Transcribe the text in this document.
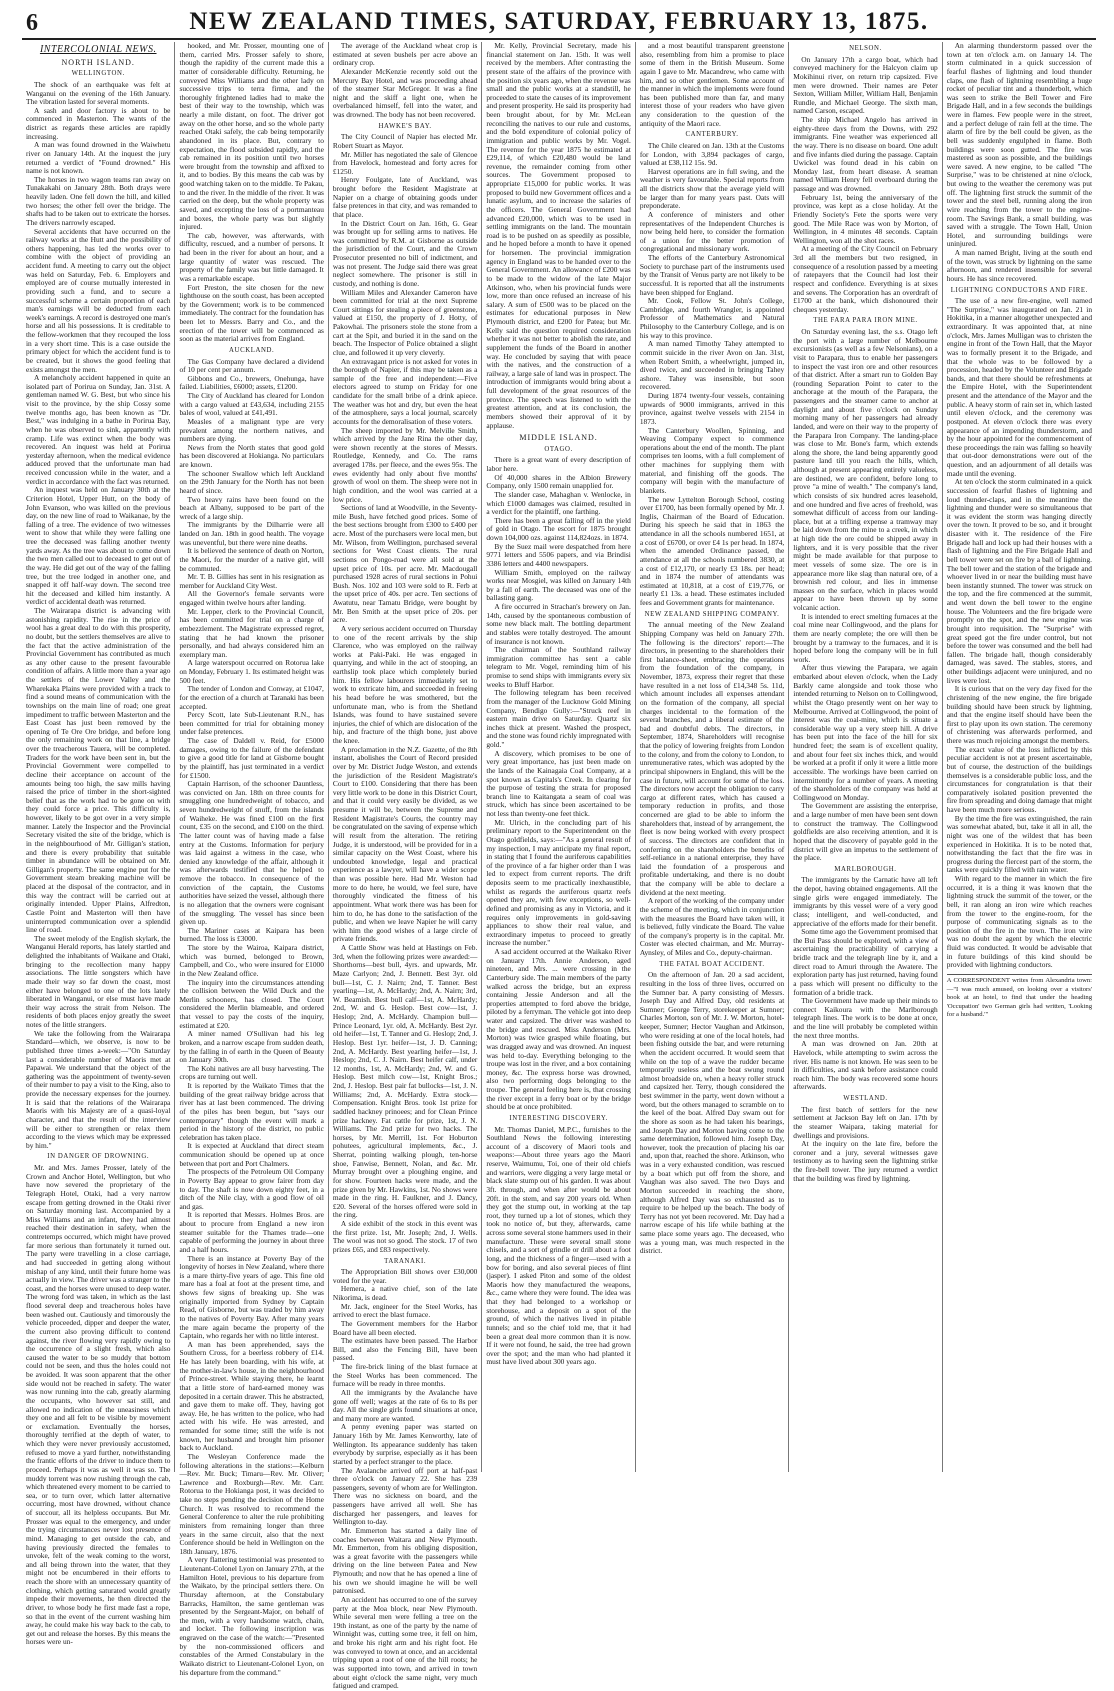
6	NEW ZEALAND TIMES, SATURDAY, FEBRUARY 13, 1875.
INTERCOLONIAL NEWS.
NORTH ISLAND.
WELLINGTON.

The shock of an earthquake was felt at Wanganui on the evening of the 16th January. The vibration lasted for several moments.

A sash and door factory is about to be commenced in Masterton. The wants of the district as regards these articles are rapidly increasing.

A man was found drowned in the Waiwhetu river on January 14th. At the inquest the jury returned a verdict of "Found drowned." His name is not known.

The horses in two wagon teams ran away on Tunakakahi on January 28th. Both drays were heavily laden. One fell down the hill, and killed two horses; the other fell over the bridge. The shafts had to be taken out to extricate the horses. The drivers narrowly escaped.

Several accidents that have occurred on the railway works at the Hutt and the possibility of others happening, has led the works over to combine with the object of providing an accident fund. A meeting to carry out the object was held on Saturday, Feb. 6. Employers and employed are of course mutually interested in providing such a fund, and to secure a successful scheme a certain proportion of each man's earnings will be deducted from each week's earnings. A record is destroyed one man's horse and all his possessions. It is creditable to the fellow-workmen that they recouped the loss in a very short time. This is a case outside the primary object for which the accident fund is to be created, but it shows the good feeling that exists amongst the men.

A melancholy accident happened in quite an isolated part of Porirua on Sunday, Jan. 31st. A gentleman named W. G. Best, but who since his visit to the province, by the ship Cossy some twelve months ago, has been known as "Dr. Best," was indulging in a bathe in Porirua Bay, when he was observed to sink, apparently with cramp. Life was extinct when the body was recovered. An inquest was held at Porirua yesterday afternoon, when the medical evidence adduced proved that the unfortunate man had received concussion while in the water, and a verdict in accordance with the fact was returned.

An inquest was held on January 30th at the Criterion Hotel, Upper Hutt, on the body of John Evanson, who was killed on the previous day, on the new line of road to Waikanae, by the falling of a tree. The evidence of two witnesses went to show that while they were falling one tree the deceased was falling another twenty yards away. As the tree was about to come down the two men called out to deceased to get out of the way. He did get out of the way of the falling tree, but the tree lodged in another one, and snapped it off half-way down. The second tree hit the deceased and killed him instantly. A verdict of accidental death was returned.

The Wairarapa district is advancing with astonishing rapidity. The rise in the price of wool has a great deal to do with this prosperity, no doubt, but the settlers themselves are alive to the fact that the active administration of the Provincial Government has contributed as much as any other cause to the present favourable condition of affairs. A little more than a year ago the settlers of the Lower Valley and the Wharekaka Plains were provided with a track to find a sound means of communication with the townships on the main line of road; one great impediment to traffic between Masterton and the East Coast has just been removed by the opening of Te Ore Ore bridge, and before long the only remaining work on that line, a bridge over the treacherous Tauera, will be completed. Traders for the work have been sent in, but the Provincial Government were compelled to decline their acceptance on account of the amounts being too high, the saw mills having raised the price of timber in the short-sighted belief that as the work had to be gone on with they could force a price. This difficulty is, however, likely to be got over in a very simple manner. Lately the Inspector and the Provincial Secretary visited the site of the bridge, which is in the neighbourhood of Mr. Gilligan's station, and there is every probability that suitable timber in abundance will be obtained on Mr. Gilligan's property. The same engine put for the Government steam breaking machine will be placed at the disposal of the contractor, and in this way the contract will be carried out at originally intended. Upper Plains, Alfredton, Castle Point and Masterton will then have uninterrupted communication over a splendid line of road.

The sweet melody of the English skylark, the Wanganui Herald reports, has lately startled and delighted the inhabitants of Waikane and Otaki, bringing to the recollection many happy associations. The little songsters which have made their way so far down the coast, most either have belonged to one of the lots lately liberated in Wanganui, or else must have made their way across the strait from Nelson. The residents of both places enjoy greatly the sweet notes of the little strangers.

We take the following from the Wairarapa Standard—which, we observe, is now to be published three times a-week:—"On Saturday last a considerable number of Maoris met at Papawai. We understand that the object of the gathering was the appointment of twenty-seven of their number to pay a visit to the King, also to provide the necessary expenses for the journey. It is said that the relations of the Wairarapa Maoris with his Majesty are of a quasi-loyal character, and that the result of the interview will be either to strengthen or relax them according to the views which may be expressed by him."

IN DANGER OF DROWNING.

Mr. and Mrs. James Prosser, lately of the Crown and Anchor Hotel, Wellington, but who have now severed the proprietary of the Telegraph Hotel, Otaki, had a very narrow escape from getting drowned in the Otaki river on Saturday morning last. Accompanied by a Miss Williams and an infant, they had almost reached their destination in safety, when the contretemps occurred, which might have proved far more serious than fortunately it turned out. The party were travelling in a close carriage, and had succeeded in getting along without mishap of any kind, until their future home was actually in view. The driver was a stranger to the coast, and the horses were unused to deep water. The wrong ford was taken, in which as the last flood several deep and treacherous holes have been washed out. Cautiously and timorously the vehicle proceeded, dipper and deeper the water, the current also proving difficult to contend against, the river flowing very rapidly owing to the occurrence of a slight fresh, which also caused the water to be so muddy that bottom could not be seen, and thus the holes could not be avoided. It was soon apparent that the other side would not be reached in safety. The water was now running into the cab, greatly alarming the occupants, who however sat still, and allowed no indication of the uneasiness which they one and all felt to be visible by movement or exclamation. Eventually the horses, thoroughly terrified at the depth of water, to which they were never previously accustomed, refused to move a yard further, notwithstanding the frantic efforts of the driver to induce them to proceed. Perhaps it was as well it was so. The muddy torrent was now rushing through the cab, which threatened every moment to be carried to sea, or to turn over, which latter alternative occurring, most have drowned, without chance of succour, all its helpless occupants. But Mr. Prosser was equal to the emergency, and under the trying circumstances never lost presence of mind. Managing to get outside the cab, and having previously directed the females to unvoke, felt of the weak coming to the worst, and all being thrown into the water, that they might not be encumbered in their efforts to reach the shore with an unnecessary quantity of clothing, which getting saturated would greatly impede their movements, he then directed the driver, to whose body he first made fast a rope, so that in the event of the current washing him away, he could make his way back to the cab, to get out and release the horses. By this means the horses were un-

hooked, and Mr. Prosser, mounting one of them, carried Mrs. Prosser safely to shore, though the rapidity of the current made this a matter of considerable difficulty. Returning, he conveyed Miss Williams and the other lady on successive trips to terra firma, and the thoroughly frightened ladies had to make the best of their way to the township, which was nearly a mile distant, on foot. The driver got away on the other horse, and so the whole party reached Otaki safely, the cab being temporarily abandoned in its place. But, contrary to expectation, the flood subsided rapidly, and the cab remained in its position until two horses were brought from the township and affixed to it, and to bodies. By this means the cab was by good watching taken on to the middle. Te Pakau, to and the river. In the middle of the river. It was carried on the deep, but the whole property was saved, and excepting the loss of a portmanteau and boxes, the whole party was but slightly injured.

The cab, however, was afterwards, with difficulty, rescued, and a number of persons. It had been in the river for about an hour, and a large quantity of water was rescued. The property of the family was but little damaged. It was a remarkable escape.

Fort Preston, the site chosen for the new lighthouse on the south coast, has been accepted by the Government; work is to be commenced immediately. The contract for the foundation has been let to Messrs. Barry and Co., and the erection of the tower will be commenced as soon as the material arrives from England.

AUCKLAND.

The Gas Company have declared a dividend of 10 per cent per annum.

Gibbons and Co., brewers, Onehunga, have failed. Liabilities, £6000; assets, £1200.

The City of Auckland has cleared for London with a cargo valued at £43,634, including 2155 bales of wool, valued at £41,491.

Measles of a malignant type are very prevalent among the northern natives, and numbers are dying.

News from the North states that good gold has been discovered at Hokianga. No particulars are known.

The schooner Swallow which left Auckland on the 29th January for the North has not been heard of since.

Two heavy rains have been found on the beach at Albany, supposed to be part of the wreck of a large ship.

The immigrants by the Dilharrie were all landed on Jan. 18th in good health. The voyage was uneventful, but there were nine deaths.

It is believed the sentence of death on Norton, the Maori, for the murder of a native girl, will be commuted.

Mr. T. B. Gillies has sent in his resignation as member for Auckland City West.

All the Governor's female servants were engaged within twelve hours after landing.

Mr. Lepper, clerk to the Provincial Council, has been committed for trial on a charge of embezzlement. The Magistrate expressed regret, stating that he had known the prisoner personally, and had always considered him an exemplary man.

A large waterspout occurred on Rotorua lake on Monday, February 1. Its estimated height was 500 feet.

The tender of London and Conway, at £1047, for the erection of a church at Taranaki has been accepted.

Percy Scott, late Sub-Lieutenant R.N., has been committed for trial for obtaining money under false pretences.

The case of Daldell v. Reid, for £5000 damages, owing to the failure of the defendant to give a good title for land at Gisborne bought by the plaintiff, has just terminated in a verdict for £1500.

Captain Harrison, of the schooner Dauntless, was convicted on Jan. 18th on three counts for smuggling one hundredweight of tobacco, and seven hundredweight of snuff, from the islands of Waiheke. He was fined £100 on the first count, £35 on the second, and £100 on the third. The latter count was of having made a false entry at the Customs. Information for perjury was laid against a witness in the case, who denied any knowledge of the affair, although it was afterwards testified that he helped to remove the tobacco. In consequence of the conviction of the captain, the Customs authorities have seized the vessel, although there is no allegation that the owners were cognisant of the smuggling. The vessel has since been given up.

The Mariner cases at Kaipara has been burned. The loss is £3000.

The store by the Wairoa, Kaipara district, which was burned, belonged to Brown, Campbell, and Co., who were insured for £1000 in the New Zealand office.

The inquiry into the circumstances attending the collision between the Wild Duck and the Merlin schooners, has closed. The Court considered the Merlin blameable, and ordered that vessel to pay the costs of the inquiry, estimated at £20.

A miner named O'Sullivan had his leg broken, and a narrow escape from sudden death, by the falling in of earth in the Queen of Beauty on January 30th.

The Kohi natives are all busy harvesting. The crops are turning out well.

It is reported by the Waikato Times that the building of the great railway bridge across that river has at last been commenced. The driving of the piles has been begun, but "says our contemporary" though the event will mark a period in the history of the district, no public celebration has taken place.

It is expected at Auckland that direct steam communication should be opened up at once between that port and Port Chalmers.

The prospects of the Petroleum Oil Company in Poverty Bay appear to grow fairer from day to day. The shaft is now down eighty feet, in a ditch of the Nile clay, with a good flow of oil and gas.

It is reported that Messrs. Holmes Bros. are about to procure from England a new iron steamer suitable for the Thames trade—one capable of performing the journey in about three and a half hours.

There is an instance at Poverty Bay of the longevity of horses in New Zealand, where there is a mare thirty-five years of age. This fine old mare has a foal at foot at the present time, and shows few signs of breaking up. She was originally imported from Sydney by Captain Read, of Gisborne, but was traded by him away to the natives of Poverty Bay. After many years the mare again became the property of the Captain, who regards her with no little interest.

A man has been apprehended, says the Southern Cross, for a beerless robbery of £14. He has lately been boarding, with his wife, at the mother-in-law's house, in the neighbourhood of Prince-street. While staying there, he learnt that a little store of hard-earned money was deposited in a certain drawer. This he abstracted, and gave them to make off. They, having got away. He, he has written to the police, who had acted with his wife. He was arrested, and remanded for some time; still the wife is not known, her husband and brought him prisoner back to Auckland.

The Wesleyan Conference made the following alterations in the stations:—Kelburn—Rev. Mr. Buck; Timaru—Rev. Mr. Oliver; Lawrence and Roxburgh—Rev. Mr. Carr. Rotorua to the Hokianga post, it was decided to take no steps pending the decision of the Home Church. It was resolved to recommend the General Conference to alter the rule prohibiting ministers from remaining longer than three years in the same circuit, also that the next Conference should be held in Wellington on the 18th January, 1876.

A very flattering testimonial was presented to Lieutenant-Colonel Lyon on January 27th, at the Hamilton Hotel, previous to his departure from the Waikato, by the principal settlers there. On Thursday afternoon, at the Constabulary Barracks, Hamilton, the same gentleman was presented by the Sergeant-Major, on behalf of the men, with a very handsome watch, chain, and locket. The following inscription was engraved on the case of the watch:—"Presented by the non-commissioned officers and constables of the Armed Constabulary in the Waikato district to Lieutenant-Colonel Lyon, on his departure from the command."

The average of the Auckland wheat crop is estimated at seven bushels per acre above an ordinary crop.

Alexander McKenzie recently sold out the Mercury Bay Hotel, and was proceeding ahead of the steamer Star McGregor. It was a fine night and the skiff a light one, when he overbalanced himself, fell into the water, and was drowned. The body has not been recovered.

HAWKE'S BAY.

The City Council of Napier has elected Mr. Robert Stuart as Mayor.

Mr. Miller has negotiated the sale of Glencoe from Havelock, homestead and forty acres for £1250.

Henry Foulgate, late of Auckland, was brought before the Resident Magistrate at Napier on a charge of obtaining goods under false pretences in that city, and was remanded to that place.

In the District Court on Jan. 16th, G. Gear was brought up for selling arms to natives. He was committed by R.M. at Gisborne as outside the jurisdiction of the Court, and the Crown Prosecutor presented no bill of indictment, and was not present. The Judge said there was great neglect somewhere. The prisoner is still in custody, and nothing is done.

William Miles and Alexander Cameron have been committed for trial at the next Supreme Court sittings for stealing a piece of greenstone, valued at £150, the property of J. Hotty, of Pakowhai. The prisoners stole the stone from a cart at the Spit, and buried it in the sand on the beach. The Inspector of Police obtained a slight clue, and followed it up very cleverly.

An extravagant price is not asked for votes in the borough of Napier, if this may be taken as a sample of the free and independent:—Five electors agreed to stump on Friday for one candidate for the small bribe of a drink apiece. The weather was hot and dry, but even the heat of the atmosphere, says a local journal, scarcely accounts for the demoralisation of these voters.

The sheep imported by Mr. Melville Smith, which arrived by the Jane Rina the other day, were shown recently at the stores of Messrs. Routledge, Kennedy, and Co. The rams averaged 178s. per fleece, and the ewes 95s. The ewes evidently had only about five months' growth of wool on them. The sheep were not in high condition, and the wool was carried at a low price.

Sections of land at Woodville, in the Seventy-mile Bush, have fetched good prices. Some of the best sections brought from £300 to £400 per acre. Most of the purchasers were local men, but Mr. Wilson, from Wellington, purchased several sections for West Coast clients. The rural sections on Pongo-road were all sold at the upset price of 10s. per acre. Mr. Macdougall purchased 1928 acres of rural sections in Pohui Bush. Nos. 102 and 103 were sold to R. Ferb at the upset price of 40s. per acre. Ten sections of Awatutu, near Tamatu Bridge, were bought by Mr. Ben Smith at the upset price of 20s. per acre.

A very serious accident occurred on Thursday to one of the recent arrivals by the ship Clarence, who was employed on the railway works at Paki-Paki. He was engaged in quarrying, and while in the act of stooping, an earthslip took place which completely buried him. His fellow labourers immediately set to work to extricate him, and succeeded in freeing his head before he was smothered, but the unfortunate man, who is from the Shetland Islands, was found to have sustained severe injuries, the chief of which are dislocation of the hip, and fracture of the thigh bone, just above the knee.

A proclamation in the N.Z. Gazette, of the 8th instant, abolishes the Court of Record presided over by Mr. District Judge Weston, and extends the jurisdiction of the Resident Magistrate's Court to £100. Considering that there has been very little work to be done in this District Court, and that it could very easily be divided, as we presume it will be, between the Supreme and Resident Magistrate's Courts, the country may be congratulated on the saving of expense which will result from the alteration. The retiring Judge, it is understood, will be provided for in a similar capacity on the West Coast, where his undoubted knowledge, legal and practical experience as a lawyer, will have a wider scope than was possible here. Had Mr. Weston had more to do here, he would, we feel sure, have thoroughly vindicated the fitness of his appointment. What work there was has been for him to do, he has done to the satisfaction of the public, and when we leave Napier he will carry with him the good wishes of a large circle of private friends.

A Cattle Show was held at Hastings on Feb. 3rd, when the following prizes were awarded:—Shorthorns—best bull, 4yrs. and upwards, Mr. Maze Carlyon; 2nd, J. Bennett. Best 3yr. old bull—1st, C. J. Nairn; 2nd, T. Tanner. Best yearling—1st, A. McHardy; 2nd, A. Nairn; 3rd, W. Beamish. Best bull calf—1st, A. McHardy; 2nd, W. and G. Heslop. Best cow—1st, J. Heslop; 2nd, A. McHardy. Champion bull—Prince Leonard, 1yr. old, A. McHardy. Best 2yr. old heifer—1st, T. Tanner and G. Heslop; 2nd, J. Heslop. Best 1yr. heifer—1st, J. D. Canning; 2nd, A. McHardy. Best yearling heifer—1st, J. Heslop; 2nd, C. J. Nairn. Best heifer calf, under 12 months, 1st, A. McHardy; 2nd, W. and G. Heslop. Best milch cow—1st, Knight Bros.; 2nd, J. Heslop. Best pair fat bullocks—1st, J. N. Williams; 2nd, A. McHardy. Extra stock—Compensation. Knight Bros. took 1st prize for saddled hackney prinoees; and for Clean Prince prize hackney. Fat cattle for prize, 1st, J. N. Williams. The 2nd prize for two hacks. The horses, by Mr. Merrill, 1st. For Hoburton pohutees, agricultural implements, &c., J. Sherrat, pointing walking plough, ten-horse shoe, Fanwise, Bennett, Nolan, and &c. Mr. Murray brought over a ploughing engine, and for show. Fourteen hacks were made, and the prize given by Mr. Hawkins, 1st. No shows were made in the ring. H. Faulkner, and J. Dancy, £20. Several of the horses offered were sold in the ring.

A side exhibit of the stock in this event was the first prize. 1st, Mr. Joseph; 2nd, J. Wells. The wool was not so good. The stock. 17 of two prizes £65, and £83 respectively.

TARANAKI.

The Appropriation Bill shows over £30,000 voted for the year.

Hemera, a native chief, son of the late Nikorima, is dead.

Mr. Jack, engineer for the Steel Works, has arrived to erect the blast furnace.

The Government members for the Harbor Board have all been elected.

The estimates have been passed. The Harbor Bill, and also the Fencing Bill, have been passed.

The fire-brick lining of the blast furnace at the Steel Works has been commenced. The furnace will be ready in three months.

All the immigrants by the Avalanche have gone off well; wages at the rate of 6s to 8s per day. All the single girls found situations at once, and many more are wanted.

A penny evening paper was started on January 16th by Mr. James Kenworthy, late of Wellington. Its appearance suddenly has taken everybody by surprise, especially as it has been started by a perfect stranger to the place.

The Avalanche arrived off port at half-past three o'clock on January 22. She has 239 passengers, seventy of whom are for Wellington. There was no sickness on board, and the passengers have arrived all well. She has discharged her passengers, and leaves for Wellington to-day.

Mr. Emmerton has started a daily line of coaches between Waitara and New Plymouth. Mr. Emmerton, from his obliging disposition, was a great favorite with the passengers while driving on the line between Patea and New Plymouth; and now that he has opened a line of his own we should imagine he will be well patronised.

An accident has occurred to one of the survey party at the Moa block, near New Plymouth. While several men were felling a tree on the 19th instant, as one of the party by the name of Winnight was, cutting some tree, it fell on him, and broke his right arm and his right foot. He was conveyed to town at once, and an accidental tripping upon a root of one of the hill roots; he was supported into town, and arrived in town about eight o'clock the same night, very much fatigued and cramped.

Mr. Kelly, Provincial Secretary, made his financial statement on Jan. 15th. It was well received by the members. After contrasting the present state of the affairs of the province with the position six years ago, when the revenue was small and the public works at a standstill, he proceeded to state the causes of its improvement and present prosperity. He said its prosperity had been brought about, for by Mr. McLean reconciling the natives to our rule and customs, and the bold expenditure of colonial policy of immigration and public works by Mr. Vogel. The revenue for the year 1875 he estimated at £29,114, of which £20,480 would be land revenue, the remainder coming from other sources. The Government proposed to appropriate £15,000 for public works. It was proposed to build new Government offices and a lunatic asylum, and to increase the salaries of the officers. The General Government had advanced £20,000, which was to be used in settling immigrants on the land. The mountain road is to be pushed on as speedily as possible, and he hoped before a month to have it opened for horsemen. The provincial immigration agency in England was to be handed over to the General Government. An allowance of £200 was to be made to the widow of the late Major Atkinson, who, when his provincial funds were low, more than once refused an increase of his salary. A sum of £500 was to be placed on the estimates for educational purposes in New Plymouth district, and £200 for Patea; but Mr. Kelly said the question required consideration whether it was not better to abolish the rate, and supplement the funds of the Board in another way. He concluded by saying that with peace with the natives, and the construction of a railway, a large sale of land was in prospect. The introduction of immigrants would bring about a full development of the great resources of the province. The speech was listened to with the greatest attention, and at its conclusion, the members showed their approval of it by applause.

MIDDLE ISLAND.
OTAGO.

There is a great want of every description of labor here.

Of 40,000 shares in the Albion Brewery Company, only 1500 remain unapplied for.

The slander case, Mahaghan v. Wenlocke, in which £1000 damages was claimed, resulted in a verdict for the plaintiff, one farthing.

There has been a great falling off in the yield of gold in Otago. The escort for 1875 brought down 104,000 ozs. against 114,824ozs. in 1874.

By the Suez mail were despatched from here 9771 letters and 5506 papers, and via Brindisi 3386 letters and 4400 newspapers.

William Smith, employed on the railway works near Mosgiel, was killed on January 14th by a fall of earth. The deceased was one of the ballasting gang.

A fire occurred in Strachan's brewery on Jan. 14th, caused by the spontaneous combustion of some new black malt. The bottling department and stables were totally destroyed. The amount of insurance is not known.

The chairman of the Southland railway immigration committee has sent a cable telegram to Mr. Vogel, reminding him of his promise to send ships with immigrants every six weeks to Bluff Harbor.

The following telegram has been received from the manager of the Lucknow Gold Mining Company, Bendigo Gully:—"Struck reef in eastern main drive on Saturday. Quartz six inches thick at present. Washed the prospect, and the stone was found richly impregnated with gold."

A discovery, which promises to be one of very great importance, has just been made on the lands of the Kainagaia Coal Company, at a spot known as Capitals's Creek. In clearing for the purpose of testing the strata for proposed branch line to Kaitangata a seam of coal was struck, which has since been ascertained to be not less than twenty-one feet thick.

Mr. Ulrich, in the concluding part of his preliminary report to the Superintendent on the Otago goldfields, says:—"As a general result of my inspection, I may anticipate my final report, in stating that I found the auriferous capabilities of the province of a far higher order than I was led to expect from current reports. The drift deposits seem to me practically inexhaustible, whilst as regards the auriferous quartz reefs opened they are, with few exceptions, so well-defined and promising as any in Victoria, and it requires only improvements in gold-saving appliances to show their real value, and extraordinary impetus to proceed to greatly increase the number."

A sad accident occurred at the Waikako River on January 17th. Annie Anderson, aged nineteen, and Mrs. ... were crossing in the Canterbury side. The main members of the party walked across the bridge, but an express containing Jessie Anderson and all the properties attempted to ford above the bridge, piloted by a ferryman. The vehicle got into deep water and capsized. The driver was washed to the bridge and rescued. Miss Anderson (Mrs. Morton) was twice grasped while floating, but was dragged away and was drowned. An inquest was held to-day. Everything belonging to the troupe was lost in the river, and a box containing money, &c. The express horse was drowned, also two performing dogs belonging to the troupe. The general feeling here is, that crossing the river except in a ferry boat or by the bridge should be at once prohibited.

INTERESTING DISCOVERY.

Mr. Thomas Daniel, M.P.C., furnishes to the Southland News the following interesting account of a discovery of Maori tools and weapons:—About three years ago the Maori reserve, Waimumu, Toi, one of their old chiefs and warriors, were digging a very large metal or black slate stump out of his garden. It was about 3ft. through, and when after would be about 20ft. in the stem, and say 200 years old. When they got the stump out, in working at the tap root, they turned up a lot of stones, which they took no notice of, but they, afterwards, came across some several stone hammers used in their manufacture. These were several small stone chisels, and a sort of grindle or drill about a foot long, and the thickness of a finger—used with a bow for boring, and also several pieces of flint (jasper). I asked Piton and some of the oldest Maoris how they manufactured the weapons, &c., came where they were found. The idea was that they had belonged to a workshop or storehouse, and a deposit on a spot of the ground, of which the natives lived in pitable tunnels; and so the chief told me, that it had been a great deal more common than it is now. If it were not found, he said, the tree had grown over the spot; and the man who had planted it must have lived about 300 years ago.

and a most beautiful transparent greenstone also, resembling from him a promise to place some of them in the British Museum. Some again I gave to Mr. Macandrew, who came with him, and so other gentlemen. Some account of the manner in which the implements were found has been published more than far, and many interest those of your readers who have given any consideration to the question of the antiquity of the Maori race.

CANTERBURY.

The Chile cleared on Jan. 13th at the Customs for London, with 3,894 packages of cargo, valued at £38,112 15s. 9d.

Harvest operations are in full swing, and the weather is very favourable. Special reports from all the districts show that the average yield will be larger than for many years past. Oats will preponderate.

A conference of ministers and other representatives of the Independent Churches is now being held here, to consider the formation of a union for the better promotion of congregational and missionary work.

The efforts of the Canterbury Astronomical Society to purchase part of the instruments used by the Transit of Venus party are not likely to be successful. It is reported that all the instruments have been shipped for England.

Mr. Cook, Fellow St. John's College, Cambridge, and fourth Wrangler, is appointed Professor of Mathematics and Natural Philosophy to the Canterbury College, and is on his way to this province.

A man named Timothy Tahey attempted to commit suicide in the river Avon on Jan. 31st, when Robert Smith, a wheelwright, jumped in, dived twice, and succeeded in bringing Tahey ashore. Tahey was insensible, but soon recovered.

During 1874 twenty-four vessels, containing upwards of 9000 immigrants, arrived in this province, against twelve vessels with 2154 in 1873.

The Canterbury Woollen, Spinning, and Weaving Company expect to commence operations about the end of the month. The plant comprises ten looms, with a full complement of other machines for supplying them with material, and finishing off the goods. The company will begin with the manufacture of blankets.

The new Lyttelton Borough School, costing over £1700, has been formally opened by Mr. J. Inglis, Chairman of the Board of Education. During his speech he said that in 1863 the attendance in all the schools numbered 1651, at a cost of £6700, or over £4 1s per head. In 1874, when the amended Ordinance passed, the attendance at all the schools numbered 3830, at a cost of £12,170, or nearly £3 18s. per head; and in 1874 the number of attendants was estimated at 10,818, at a cost of £19,776, or nearly £1 13s. a head. These estimates included fees and Government grants for maintenance.

NEW ZEALAND SHIPPING COMPANY.

The annual meeting of the New Zealand Shipping Company was held on January 27th. The following is the directors' report:—The directors, in presenting to the shareholders their first balance-sheet, embracing the operations from the foundation of the company, in November, 1873, express their regret that these have resulted in a net loss of £14,348 5s. 11d, which amount includes all expenses attendant on the formation of the company, all special charges incidental to the formation of the several branches, and a liberal estimate of the bad and doubtful debts. The directors, in September, 1874, Shareholders will recognise that the policy of lowering freights from London to the colony, and from the colony to London, to unremunerative rates, which was adopted by the principal shipowners in England, this will be the case in future, will account for some of the loss. The directors now accept the obligation to carry cargo at different rates, which has caused a temporary reduction in profits, and those concerned are glad to be able to inform the shareholders that, instead of by arrangement, the fleet is now being worked with every prospect of success. The directors are confident that in conferring on the shareholders the benefits of self-reliance in a national enterprise, they have laid the foundation of a prosperous and profitable undertaking, and there is no doubt that the company will be able to declare a dividend at the next meeting.

A report of the working of the company under the scheme of the meeting, which in conjunction with the measures the Board have taken will, it is believed, fully vindicate the Board. The value of the company's property is in the capital. Mr. Coster was elected chairman, and Mr. Murray-Aynsley, of Miles and Co., deputy-chairman.

THE FATAL BOAT ACCIDENT.

On the afternoon of Jan. 20 a sad accident, resulting in the loss of three lives, occurred on the Sumner bar. A party consisting of Messrs. Joseph Day and Alfred Day, old residents at Sumner; George Terry, storekeeper at Sumner; Charles Morton, son of Mr. J. W. Morton, hotel-keeper, Sumner; Hector Vaughan and Atkinson, who were residing at one of the local hotels, had been fishing outside the bar, and were returning when the accident occurred. It would seem that while on the top of a wave the rudder became temporarily useless and the boat swung round almost broadside on, when a heavy roller struck and capsized her. Terry, though considered the best swimmer in the party, went down without a word, but the others managed to scramble on to the keel of the boat. Alfred Day swam out for the shore as soon as he had taken his bearings, and Joseph Day and Morton having come to the same determination, followed him. Joseph Day, however, took the precaution of placing his oar and, upon that, reached the shore. Atkinson, who was in a very exhausted condition, was rescued by a boat which put off from the shore, and Vaughan was also saved. The two Days and Morton succeeded in reaching the shore, although Alfred Day was so exhausted as to require to be helped up the beach. The body of Terry has not yet been recovered. Mr. Day had a narrow escape of his life while bathing at the same place some years ago. The deceased, who was a young man, was much respected in the district.

NELSON.

On January 17th a cargo boat, which had conveyed machinery for the Halcyon claim up Mokihinui river, on return trip capsized. Five men were drowned. Their names are Peter Sexton, William Miller, William Hall, Benjamin Rundle, and Michael George. The sixth man, named Carson, escaped.

The ship Michael Angelo has arrived in eighty-three days from the Downs, with 292 immigrants. Fine weather was experienced all the way. There is no disease on board. One adult and five infants died during the passage. Captain Uwickel was found dead in his cabin on Monday last, from heart disease. A seaman named William Henry fell overboard during the passage and was drowned.

February 1st, being the anniversary of the province, was kept as a close holiday. At the Friendly Society's Fete the sports were very good. The Mile Race was won by Morton, of Wellington, in 4 minutes 48 seconds. Captain Wellington, won all the shot races.

At a meeting of the City Council on February 3rd all the members but two resigned, in consequence of a resolution passed by a meeting of ratepayers that the Council had lost their respect and confidence. Everything is at sixes and sevens. The Corporation has an overdraft of £1700 at the bank, which dishonoured their cheques yesterday.

THE FARA PARA IRON MINE.

On Saturday evening last, the s.s. Otago left the port with a large number of Melbourne excursionists (as well as a few Nelsonians), on a visit to Parapara, thus to enable her passengers to inspect the vast iron ore and other resources of that district. After a smart run to Golden Bay (rounding Separation Point to cater to the anchorage at the mouth of the Parapara, the passengers and the steamer came to anchor at daylight and about five o'clock on Sunday morning many of her passengers had already landed, and were on their way to the property of the Parapara Iron Company. The landing-place was close to Mr. Bone's farm, which extends along the shore, the land being apparently good pasture land till you reach the hills, which, although at present appearing entirely valueless, are destined, we are confident, before long to prove "a mine of wealth." The company's land, which consists of six hundred acres leasehold, and one hundred and five acres of freehold, was somewhat difficult of access from our landing-place, but at a trifling expense a tramway may be laid down from the mine to a creek, in which at high tide the ore could be shipped away in lighters, and it is very possible that the river might be made available for that purpose to meet vessels of some size. The ore is in appearance more like slag than natural ore, of a brownish red colour, and lies in immense masses on the surface, which in places would appear to have been thrown up by some volcanic action.

It is intended to erect smelting furnaces at the coal mine near Collingwood, and the plans for them are nearly complete; the ore will then be brought by a tramway to the furnaces, and it is hoped before long the company will be in full work.

After thus viewing the Parapara, we again embarked about eleven o'clock, when the Lady Barkly came alongside and took those who intended returning to Nelson on to Collingwood, whilst the Otago presently went on her way to Melbourne. Arrived at Collingwood, the point of interest was the coal-mine, which is situate a considerable way up a very steep hill. A drive has been put into the face of the hill for six hundred feet; the seam is of excellent quality, and about four feet six inches thick, and would be worked at a profit if only it were a little more accessible. The workings have been carried on intermittently for a number of years. A meeting of the shareholders of the company was held at Collingwood on Monday.

The Government are assisting the enterprise, and a large number of men have been sent down to construct the tramway. The Collingwood goldfields are also receiving attention, and it is hoped that the discovery of payable gold in the district will give an impetus to the settlement of the place.

MARLBOROUGH.

The immigrants by the Carnatic have all left the depot, having obtained engagements. All the single girls were engaged immediately. The immigrants by this vessel were of a very good class; intelligent, and well-conducted, and appreciative of the efforts made for their benefit.

Some time ago the Government promised that the Bui Pass should be explored, with a view of ascertaining the practicability of carrying a bridle track and the telegraph line by it, and a direct road to Amuri through the Awatere. The exploration party has just returned, having found a pass which will present no difficulty to the formation of a bridle track.

The Government have made up their minds to connect Kaikoura with the Marlborough telegraph lines. The work is to be done at once, and the line will probably be completed within the next three months.

A man was drowned on Jan. 20th at Havelock, while attempting to swim across the river. His name is not known. He was seen to be in difficulties, and sank before assistance could reach him. The body was recovered some hours afterwards.

WESTLAND.

The first batch of settlers for the new settlement at Jackson Bay left on Jan. 17th by the steamer Waipara, taking material for dwellings and provisions.

At the inquiry on the late fire, before the coroner and a jury, several witnesses gave testimony as to having seen the lightning strike the fire-bell tower. The jury returned a verdict that the building was fired by lightning.

An alarming thunderstorm passed over the town at ten o'clock a.m. on January 14. The storm culminated in a quick succession of fearful flashes of lightning and loud thunder claps, one flash of lightning resembling a huge rocket of peculiar tint and a thunderbolt, which was seen to strike the Bell Tower and Fire Brigade Hall, and in a few seconds the buildings were in flames. Few people were in the street, and a perfect deluge of rain fell at the time. The alarm of fire by the bell could be given, as the bell was suddenly engulphed in flame. Both buildings were soon gutted. The fire was mastered as soon as possible, and the buildings were saved. A new engine, to be called "The Surprise," was to be christened at nine o'clock, but owing to the weather the ceremony was put off. The lightning first struck the summit of the tower and the steel bell, running along the iron wire reaching from the tower to the engine-room. The Savings Bank, a small building, was saved with a struggle. The Town Hall, Union Hotel, and surrounding buildings were uninjured.

A man named Bright, living at the south end of the town, was struck by lightning on the same afternoon, and rendered insensible for several hours. He has since recovered.

LIGHTNING CONDUCTORS AND FIRE.

The use of a new fire-engine, well named "The Surprise," was inaugurated on Jan. 21 in Hokitika, in a manner altogether unexpected and extraordinary. It was appointed that, at nine o'clock, Mrs. James Mulligan was to christen the engine in front of the Town Hall, that the Mayor was to formally present it to the Brigade, and that the whole was to be followed by a procession, headed by the Volunteer and Brigade bands, and that there should be refreshments at the Empire Hotel, with the Superintendent present and the attendance of the Mayor and the public. A heavy storm of rain set in, which lasted until eleven o'clock, and the ceremony was postponed. At eleven o'clock there was every appearance of an impending thunderstorm, and by the hour appointed for the commencement of these proceedings the rain was falling so heavily that out-door demonstrations were out of the question, and an adjournment of all details was made until the evening.

At ten o'clock the storm culminated in a quick succession of fearful flashes of lightning and loud thunder-claps, and in the meantime the lightning and thunder were so simultaneous that it was evident the storm was hanging directly over the town. It proved to be so, and it brought disaster with it. The residence of the Fire Brigade hall and lock up had their houses with a flash of lightning and the Fire Brigade Hall and bell tower were set on fire by a ball of lightning. The bell tower and the station of the brigade and whoever lived in or near the building must have been instantly stunned. The tower was struck on the top, and the fire commenced at the summit, and went down the bell tower to the engine house. The Volunteers and the fire brigade were promptly on the spot, and the new engine was brought into requisition. The "Surprise" with great speed got the fire under control, but not before the tower was consumed and the bell had fallen. The brigade hall, though considerably damaged, was saved. The stables, stores, and other buildings adjacent were uninjured, and no lives were lost.

It is curious that on the very day fixed for the christening of the new engine, the fire brigade building should have been struck by lightning, and that the engine itself should have been the first to play upon its own station. The ceremony of christening was afterwards performed, and there was much rejoicing amongst the members.

The exact value of the loss inflicted by this peculiar accident is not at present ascertainable, but of course, the destruction of the buildings themselves is a considerable public loss, and the circumstances for congratulation is that their comparatively isolated position prevented the fire from spreading and doing damage that might have been much more serious.

By the time the fire was extinguished, the rain was somewhat abated, but, take it all in all, the night was one of the wildest that has been experienced in Hokitika. It is to be noted that, notwithstanding the fact that the fire was in progress during the fiercest part of the storm, the tanks were quickly filled with rain water.

With regard to the manner in which the fire occurred, it is a thing it was known that the lightning struck the summit of the tower, or the bell, it ran along an iron wire which reaches from the tower to the engine-room, for the purpose of communicating signals as to the position of the fire in the town. The iron wire was no doubt the agent by which the electric fluid was conducted. It would be advisable that in future buildings of this kind should be provided with lightning conductors.

A CORRESPONDENT writes from Alexandria town:—"I was much amused, on looking over a visitors' book at an hotel, to find that under the heading 'Occupation' two German girls had written, 'Looking for a husband.'"
